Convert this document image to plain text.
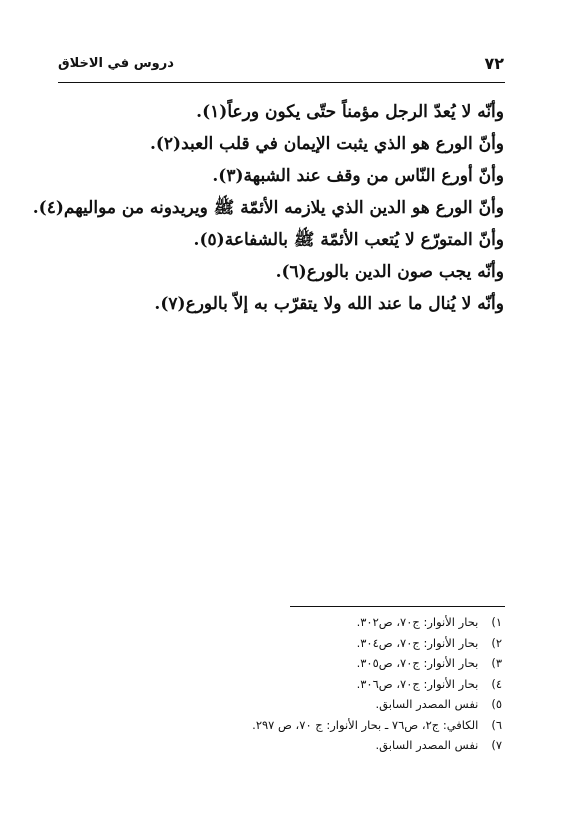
٧٢
دروس في الاخلاق
وأنّه لا يُعدّ الرجل مؤمناً حتّى يكون ورعاً(١).
وأنّ الورع هو الذي يثبت الإيمان في قلب العبد(٢).
وأنّ أورع النّاس من وقف عند الشبهة(٣).
وأنّ الورع هو الدين الذي يلازمه الأئمّة ﷺ ويريدونه من مواليهم(٤).
وأنّ المتورّع لا يُتعب الأئمّة ﷺ بالشفاعة(٥).
وأنّه يجب صون الدين بالورع(٦).
وأنّه لا يُنال ما عند الله ولا يتقرّب به إلاّ بالورع(٧).
١) بحار الأنوار: ج٧٠، ص٣٠٢.
٢) بحار الأنوار: ج٧٠، ص٣٠٤.
٣) بحار الأنوار: ج٧٠، ص٣٠٥.
٤) بحار الأنوار: ج٧٠، ص٣٠٦.
٥) نفس المصدر السابق.
٦) الكافي: ج٢، ص٧٦ ـ بحار الأنوار: ج ٧٠، ص ٢٩٧.
٧) نفس المصدر السابق.
